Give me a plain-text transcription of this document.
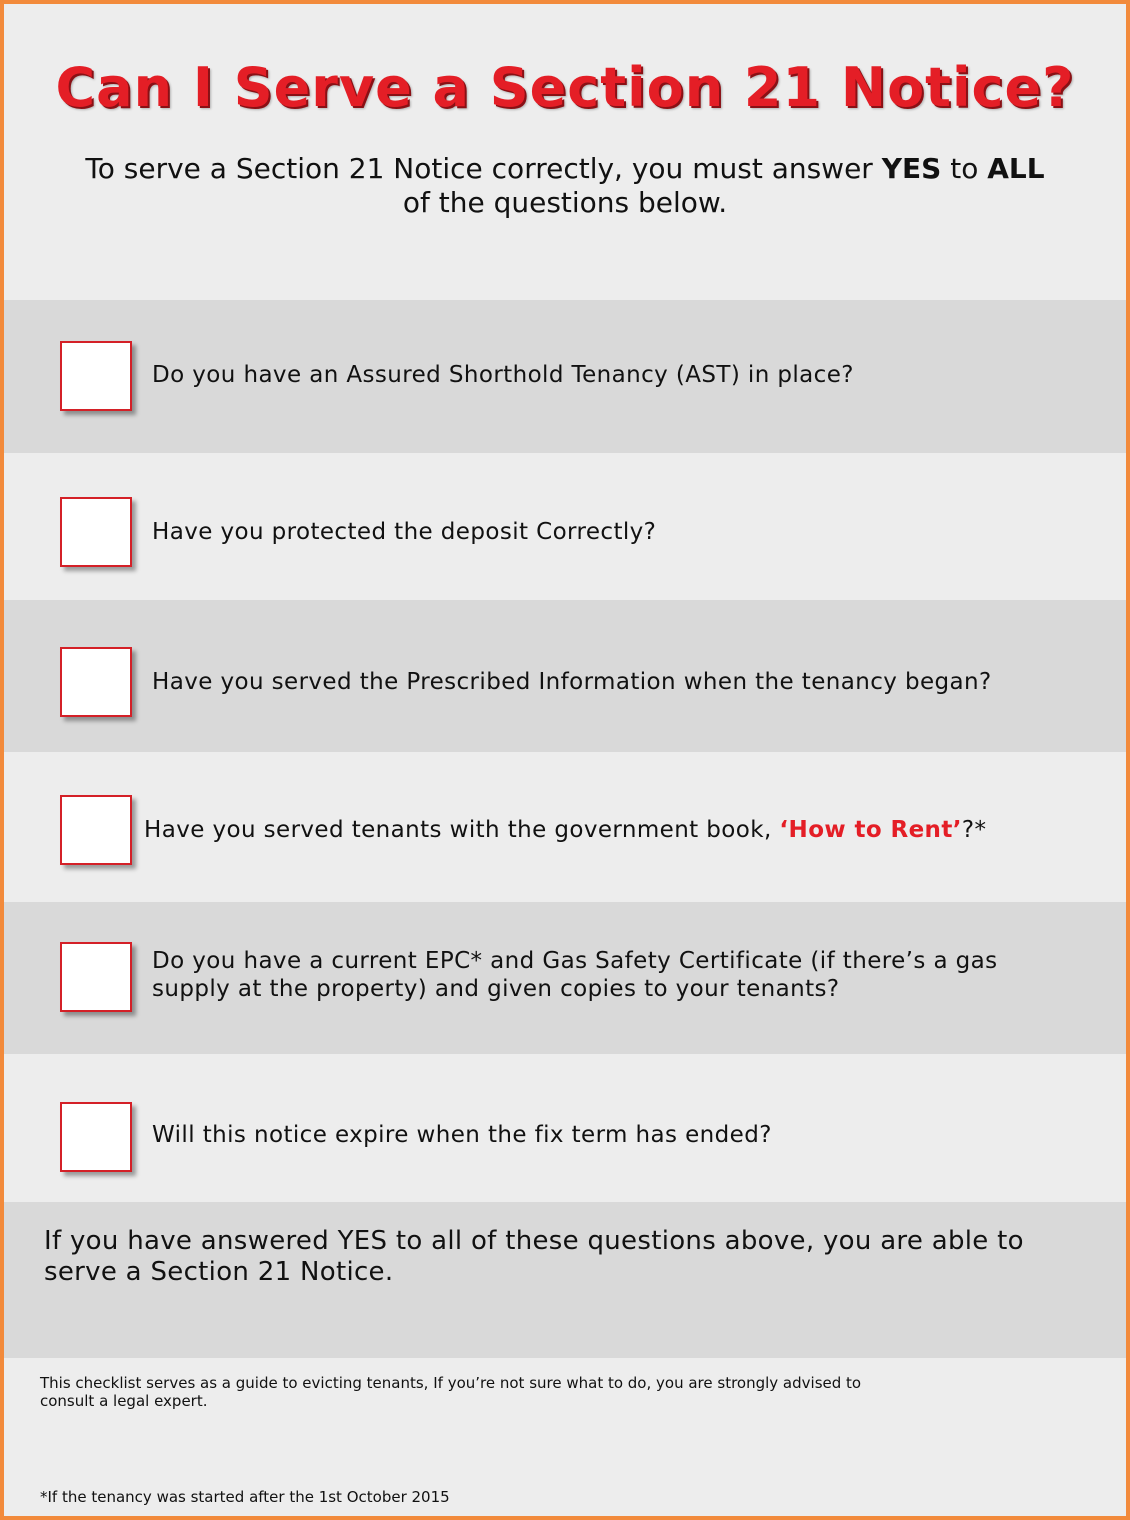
Can I Serve a Section 21 Notice?

To serve a Section 21 Notice correctly, you must answer YES to ALL
of the questions below.

Do you have an Assured Shorthold Tenancy (AST) in place?
Have you protected the deposit Correctly?
Have you served the Prescribed Information when the tenancy began?
Have you served tenants with the government book, ‘How to Rent’?*
Do you have a current EPC* and Gas Safety Certificate (if there’s a gas supply at the property) and given copies to your tenants?
Will this notice expire when the fix term has ended?

If you have answered YES to all of these questions above, you are able to serve a Section 21 Notice.

This checklist serves as a guide to evicting tenants, If you’re not sure what to do, you are strongly advised to consult a legal expert.

*If the tenancy was started after the 1st October 2015
